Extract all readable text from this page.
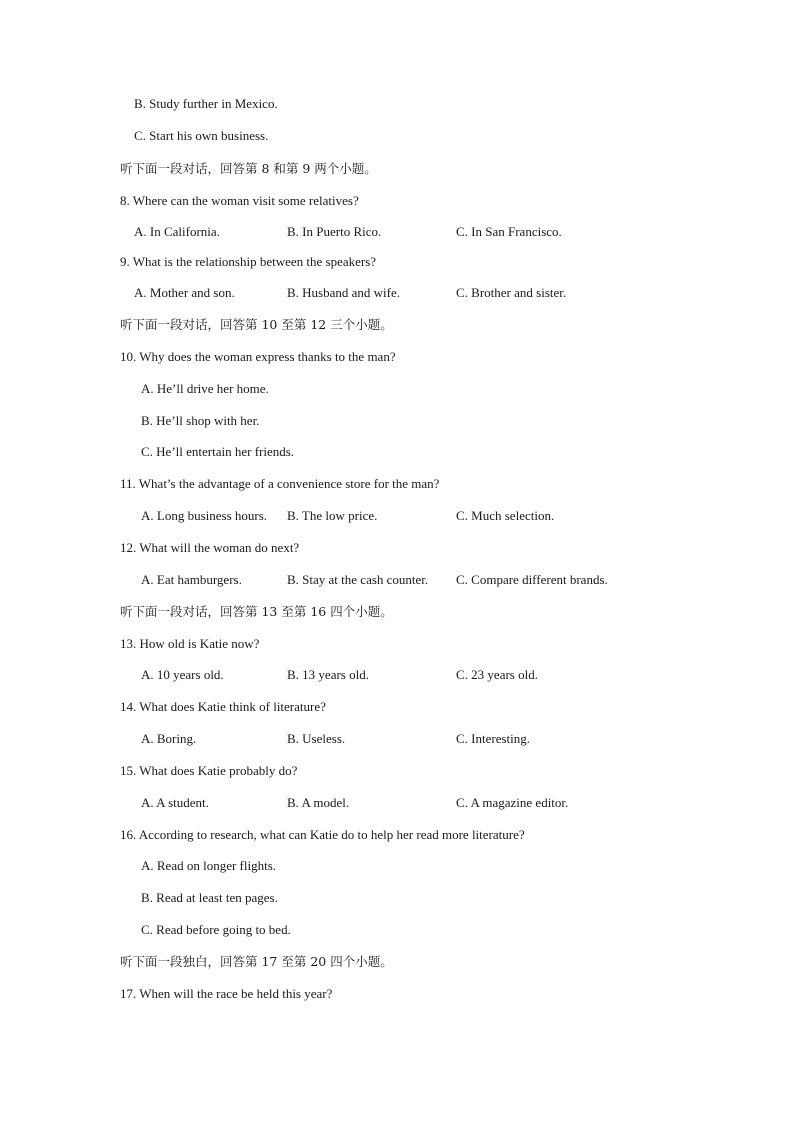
B. Study further in Mexico.
C. Start his own business.
听下面一段对话，回答第 8 和第 9 两个小题。
8. Where can the woman visit some relatives?
A. In California.	B. In Puerto Rico.	C. In San Francisco.
9. What is the relationship between the speakers?
A. Mother and son.	B. Husband and wife.	C. Brother and sister.
听下面一段对话，回答第 10 至第 12 三个小题。
10. Why does the woman express thanks to the man?
A. He’ll drive her home.
B. He’ll shop with her.
C. He’ll entertain her friends.
11. What’s the advantage of a convenience store for the man?
A. Long business hours. B. The low price.	C. Much selection.
12. What will the woman do next?
A. Eat hamburgers.	B. Stay at the cash counter. C. Compare different brands.
听下面一段对话，回答第 13 至第 16 四个小题。
13. How old is Katie now?
A. 10 years old.	B. 13 years old.	C. 23 years old.
14. What does Katie think of literature?
A. Boring.	B. Useless.	C. Interesting.
15. What does Katie probably do?
A. A student.	B. A model.	C. A magazine editor.
16. According to research, what can Katie do to help her read more literature?
A. Read on longer flights.
B. Read at least ten pages.
C. Read before going to bed.
听下面一段独白，回答第 17 至第 20 四个小题。
17. When will the race be held this year?
